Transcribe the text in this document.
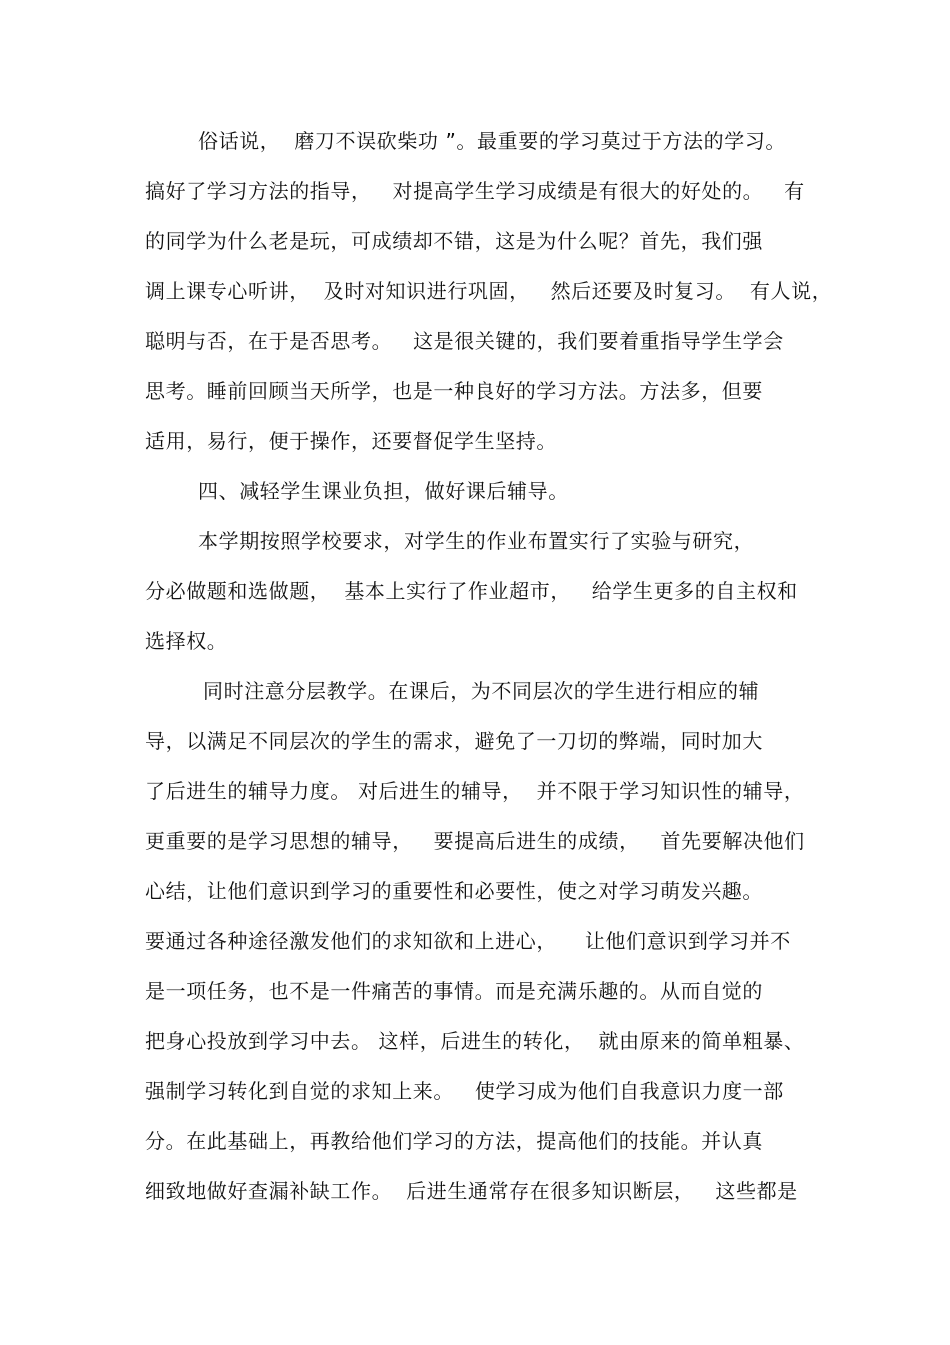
俗话说，  磨刀不误砍柴功 ”。最重要的学习莫过于方法的学习。
搞好了学习方法的指导，   对提高学生学习成绩是有很大的好处的。   有
的同学为什么老是玩，可成绩却不错，这是为什么呢？首先，我们强
调上课专心听讲，  及时对知识进行巩固，   然后还要及时复习。  有人说，
聪明与否，在于是否思考。   这是很关键的，我们要着重指导学生学会
思考。睡前回顾当天所学，也是一种良好的学习方法。方法多，但要
适用，易行，便于操作，还要督促学生坚持。
四、减轻学生课业负担，做好课后辅导。
本学期按照学校要求，对学生的作业布置实行了实验与研究，
分必做题和选做题，  基本上实行了作业超市，   给学生更多的自主权和
选择权。
同时注意分层教学。在课后，为不同层次的学生进行相应的辅
导，以满足不同层次的学生的需求，避免了一刀切的弊端，同时加大
了后进生的辅导力度。 对后进生的辅导，  并不限于学习知识性的辅导，
更重要的是学习思想的辅导，   要提高后进生的成绩，   首先要解决他们
心结，让他们意识到学习的重要性和必要性，使之对学习萌发兴趣。
要通过各种途径激发他们的求知欲和上进心，    让他们意识到学习并不
是一项任务，也不是一件痛苦的事情。而是充满乐趣的。从而自觉的
把身心投放到学习中去。 这样，后进生的转化，  就由原来的简单粗暴、
强制学习转化到自觉的求知上来。   使学习成为他们自我意识力度一部
分。在此基础上，再教给他们学习的方法，提高他们的技能。并认真
细致地做好查漏补缺工作。  后进生通常存在很多知识断层，   这些都是
